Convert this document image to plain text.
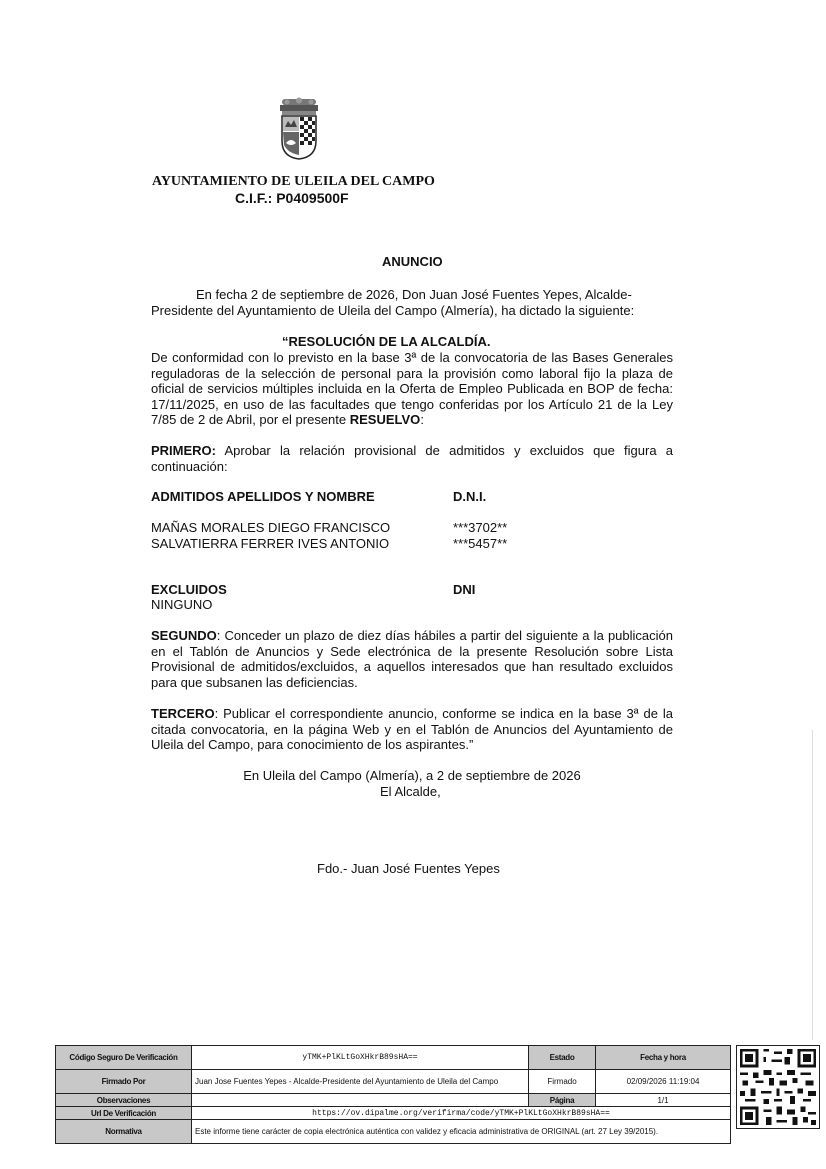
AYUNTAMIENTO DE ULEILA DEL CAMPO
C.I.F.: P0409500F
ANUNCIO
En fecha 2 de septiembre de 2026, Don Juan José Fuentes Yepes, Alcalde-
Presidente del Ayuntamiento de Uleila del Campo (Almería), ha dictado la siguiente:
“RESOLUCIÓN DE LA ALCALDÍA.

De conformidad con lo previsto en la base 3ª de la convocatoria de las Bases Generales reguladoras de la selección de personal para la provisión como laboral fijo la plaza de oficial de servicios múltiples incluida en la Oferta de Empleo Publicada en BOP de fecha: 17/11/2025, en uso de las facultades que tengo conferidas por los Artículo 21 de la Ley 7/85 de 2 de Abril, por el presente RESUELVO:

PRIMERO: Aprobar la relación provisional de admitidos y excluidos que figura a continuación:

ADMITIDOS APELLIDOS Y NOMBRE	D.N.I.
MAÑAS MORALES DIEGO FRANCISCO	***3702**
SALVATIERRA FERRER IVES ANTONIO	***5457**
EXCLUIDOS	DNI
NINGUNO

SEGUNDO: Conceder un plazo de diez días hábiles a partir del siguiente a la publicación en el Tablón de Anuncios y Sede electrónica de la presente Resolución sobre Lista Provisional de admitidos/excluidos, a aquellos interesados que han resultado excluidos para que subsanen las deficiencias.

TERCERO: Publicar el correspondiente anuncio, conforme se indica en la base 3ª de la citada convocatoria, en la página Web y en el Tablón de Anuncios del Ayuntamiento de Uleila del Campo, para conocimiento de los aspirantes.”

En Uleila del Campo (Almería), a 2 de septiembre de 2026
El Alcalde,
Fdo.- Juan José Fuentes Yepes
Código Seguro De Verificación	yTMK+PlKLtGoXHkrB89sHA==	Estado	Fecha y hora
Firmado Por	Juan Jose Fuentes Yepes - Alcalde-Presidente del Ayuntamiento de Uleila del Campo	Firmado	02/09/2026 11:19:04
Observaciones		Página	1/1
Url De Verificación	https://ov.dipalme.org/verifirma/code/yTMK+PlKLtGoXHkrB89sHA==		
Normativa	Este informe tiene carácter de copia electrónica auténtica con validez y eficacia administrativa de ORIGINAL (art. 27 Ley 39/2015).		
